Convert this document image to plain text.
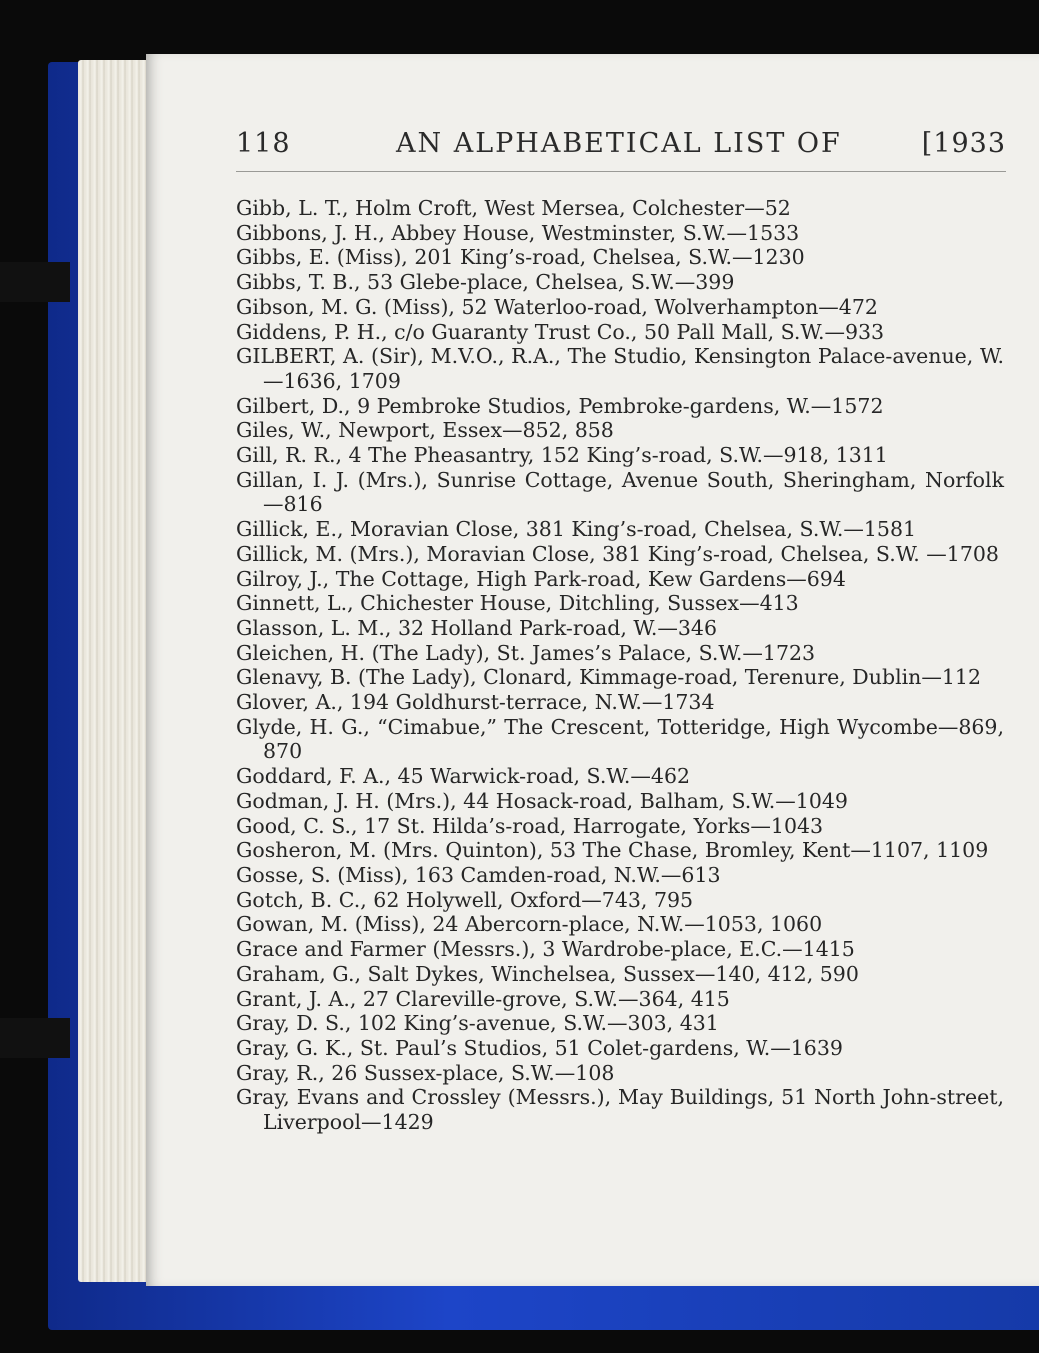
118	AN ALPHABETICAL LIST OF	[1933
Gibb, L. T., Holm Croft, West Mersea, Colchester—52
Gibbons, J. H., Abbey House, Westminster, S.W.—1533
Gibbs, E. (Miss), 201 King’s-road, Chelsea, S.W.—1230
Gibbs, T. B., 53 Glebe-place, Chelsea, S.W.—399
Gibson, M. G. (Miss), 52 Waterloo-road, Wolverhampton—472
Giddens, P. H., c/o Guaranty Trust Co., 50 Pall Mall, S.W.—933
GILBERT, A. (Sir), M.V.O., R.A., The Studio, Kensington Palace-avenue, W.—1636, 1709
Gilbert, D., 9 Pembroke Studios, Pembroke-gardens, W.—1572
Giles, W., Newport, Essex—852, 858
Gill, R. R., 4 The Pheasantry, 152 King’s-road, S.W.—918, 1311
Gillan, I. J. (Mrs.), Sunrise Cottage, Avenue South, Sheringham, Norfolk—816
Gillick, E., Moravian Close, 381 King’s-road, Chelsea, S.W.—1581
Gillick, M. (Mrs.), Moravian Close, 381 King’s-road, Chelsea, S.W. —1708
Gilroy, J., The Cottage, High Park-road, Kew Gardens—694
Ginnett, L., Chichester House, Ditchling, Sussex—413
Glasson, L. M., 32 Holland Park-road, W.—346
Gleichen, H. (The Lady), St. James’s Palace, S.W.—1723
Glenavy, B. (The Lady), Clonard, Kimmage-road, Terenure, Dublin—112
Glover, A., 194 Goldhurst-terrace, N.W.—1734
Glyde, H. G., “Cimabue,” The Crescent, Totteridge, High Wycombe—869, 870
Goddard, F. A., 45 Warwick-road, S.W.—462
Godman, J. H. (Mrs.), 44 Hosack-road, Balham, S.W.—1049
Good, C. S., 17 St. Hilda’s-road, Harrogate, Yorks—1043
Gosheron, M. (Mrs. Quinton), 53 The Chase, Bromley, Kent—1107, 1109
Gosse, S. (Miss), 163 Camden-road, N.W.—613
Gotch, B. C., 62 Holywell, Oxford—743, 795
Gowan, M. (Miss), 24 Abercorn-place, N.W.—1053, 1060
Grace and Farmer (Messrs.), 3 Wardrobe-place, E.C.—1415
Graham, G., Salt Dykes, Winchelsea, Sussex—140, 412, 590
Grant, J. A., 27 Clareville-grove, S.W.—364, 415
Gray, D. S., 102 King’s-avenue, S.W.—303, 431
Gray, G. K., St. Paul’s Studios, 51 Colet-gardens, W.—1639
Gray, R., 26 Sussex-place, S.W.—108
Gray, Evans and Crossley (Messrs.), May Buildings, 51 North John-street, Liverpool—1429
